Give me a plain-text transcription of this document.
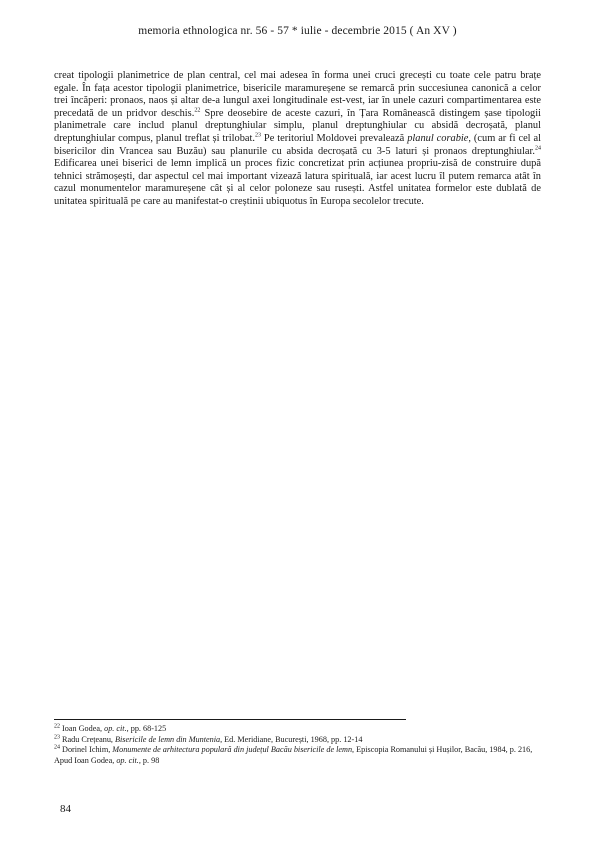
memoria ethnologica nr. 56 - 57 * iulie - decembrie 2015 ( An XV )

creat tipologii planimetrice de plan central, cel mai adesea în forma unei cruci grecești cu toate cele patru brațe egale. În fața acestor tipologii planimetrice, bisericile maramureșene se remarcă prin succesiunea canonică a celor trei încăperi: pronaos, naos și altar de-a lungul axei longitudinale est-vest, iar în unele cazuri compartimentarea este precedată de un pridvor deschis.$^{22}$ Spre deosebire de aceste cazuri, în Țara Românească distingem șase tipologii planimetrale care includ planul dreptunghiular simplu, planul dreptunghiular cu absidă decroșată, planul dreptunghiular compus, planul treflat și trilobat.$^{23}$ Pe teritoriul Moldovei prevalează planul corabie, (cum ar fi cel al bisericilor din Vrancea sau Buzău) sau planurile cu absida decroșată cu 3-5 laturi și pronaos dreptunghiular.$^{24}$ Edificarea unei biserici de lemn implică un proces fizic concretizat prin acțiunea propriu-zisă de construire după tehnici strămoșești, dar aspectul cel mai important vizează latura spirituală, iar acest lucru îl putem remarca atât în cazul monumentelor maramureșene cât și al celor poloneze sau rusești. Astfel unitatea formelor este dublată de unitatea spirituală pe care au manifestat-o creștinii ubiquotus în Europa secolelor trecute.

$^{22}$ Ioan Godea, op. cit., pp. 68-125

$^{23}$ Radu Crețeanu, Bisericile de lemn din Muntenia, Ed. Meridiane, București, 1968, pp. 12-14

$^{24}$ Dorinel Ichim, Monumente de arhitectura populară din județul Bacău bisericile de lemn, Episcopia Romanului și Hușilor, Bacău, 1984, p. 216, Apud Ioan Godea, op. cit., p. 98

84
